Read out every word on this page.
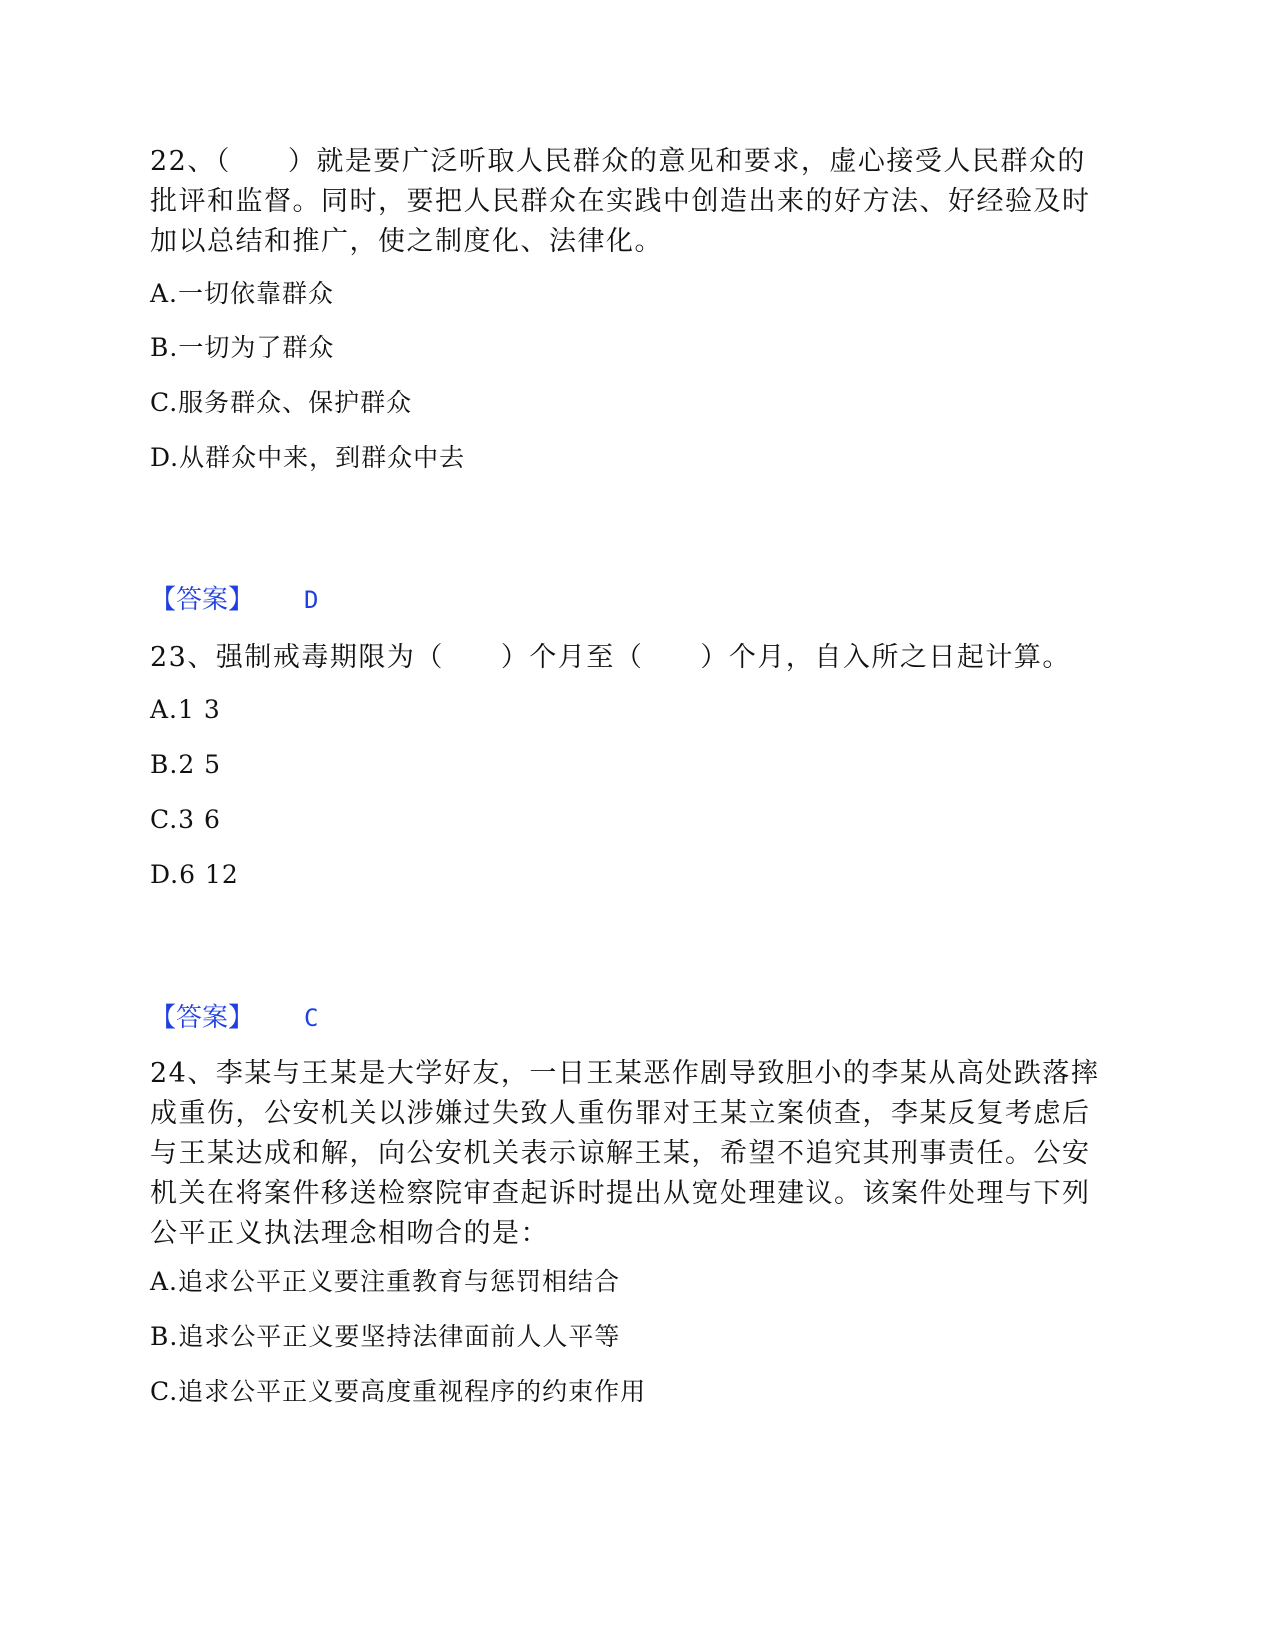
22、（　　）就是要广泛听取人民群众的意见和要求，虚心接受人民群众的

批评和监督。同时，要把人民群众在实践中创造出来的好方法、好经验及时

加以总结和推广，使之制度化、法律化。

A.一切依靠群众

B.一切为了群众

C.服务群众、保护群众

D.从群众中来，到群众中去

【答案】 D

23、强制戒毒期限为（　　）个月至（　　）个月，自入所之日起计算。

A.1 3

B.2 5

C.3 6

D.6 12

【答案】 C

24、李某与王某是大学好友，一日王某恶作剧导致胆小的李某从高处跌落摔

成重伤，公安机关以涉嫌过失致人重伤罪对王某立案侦查，李某反复考虑后

与王某达成和解，向公安机关表示谅解王某，希望不追究其刑事责任。公安

机关在将案件移送检察院审查起诉时提出从宽处理建议。该案件处理与下列

公平正义执法理念相吻合的是：

A.追求公平正义要注重教育与惩罚相结合

B.追求公平正义要坚持法律面前人人平等

C.追求公平正义要高度重视程序的约束作用
